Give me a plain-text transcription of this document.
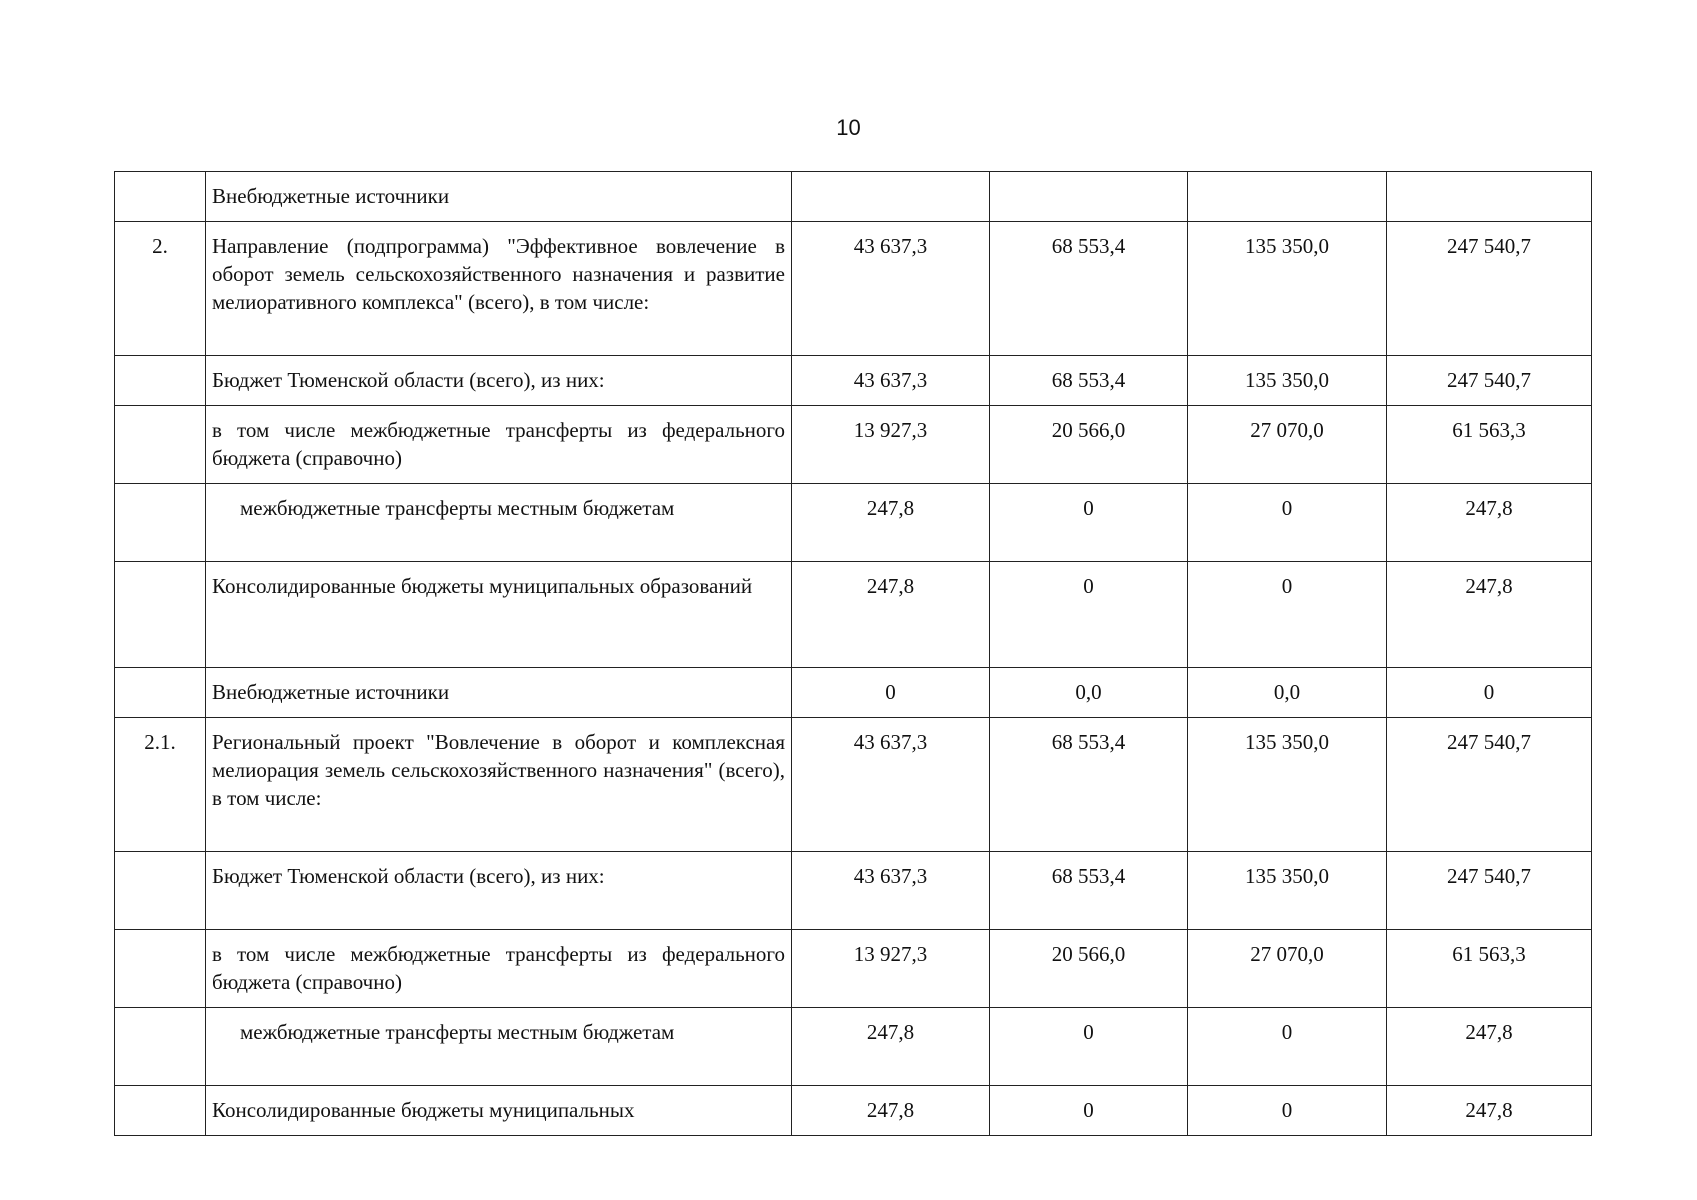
10
	Внебюджетные источники				
2.	Направление (подпрограмма) "Эффективное вовлечение в оборот земель сельскохозяйственного назначения и развитие мелиоративного комплекса" (всего), в том числе:	43 637,3	68 553,4	135 350,0	247 540,7
	Бюджет Тюменской области (всего), из них:	43 637,3	68 553,4	135 350,0	247 540,7
	в том числе межбюджетные трансферты из федерального бюджета (справочно)	13 927,3	20 566,0	27 070,0	61 563,3
	межбюджетные трансферты местным бюджетам	247,8	0	0	247,8
	Консолидированные бюджеты муниципальных образований	247,8	0	0	247,8
	Внебюджетные источники	0	0,0	0,0	0
2.1.	Региональный проект "Вовлечение в оборот и комплексная мелиорация земель сельскохозяйственного назначения" (всего), в том числе:	43 637,3	68 553,4	135 350,0	247 540,7
	Бюджет Тюменской области (всего), из них:	43 637,3	68 553,4	135 350,0	247 540,7
	в том числе межбюджетные трансферты из федерального бюджета (справочно)	13 927,3	20 566,0	27 070,0	61 563,3
	межбюджетные трансферты местным бюджетам	247,8	0	0	247,8
	Консолидированные бюджеты муниципальных	247,8	0	0	247,8
